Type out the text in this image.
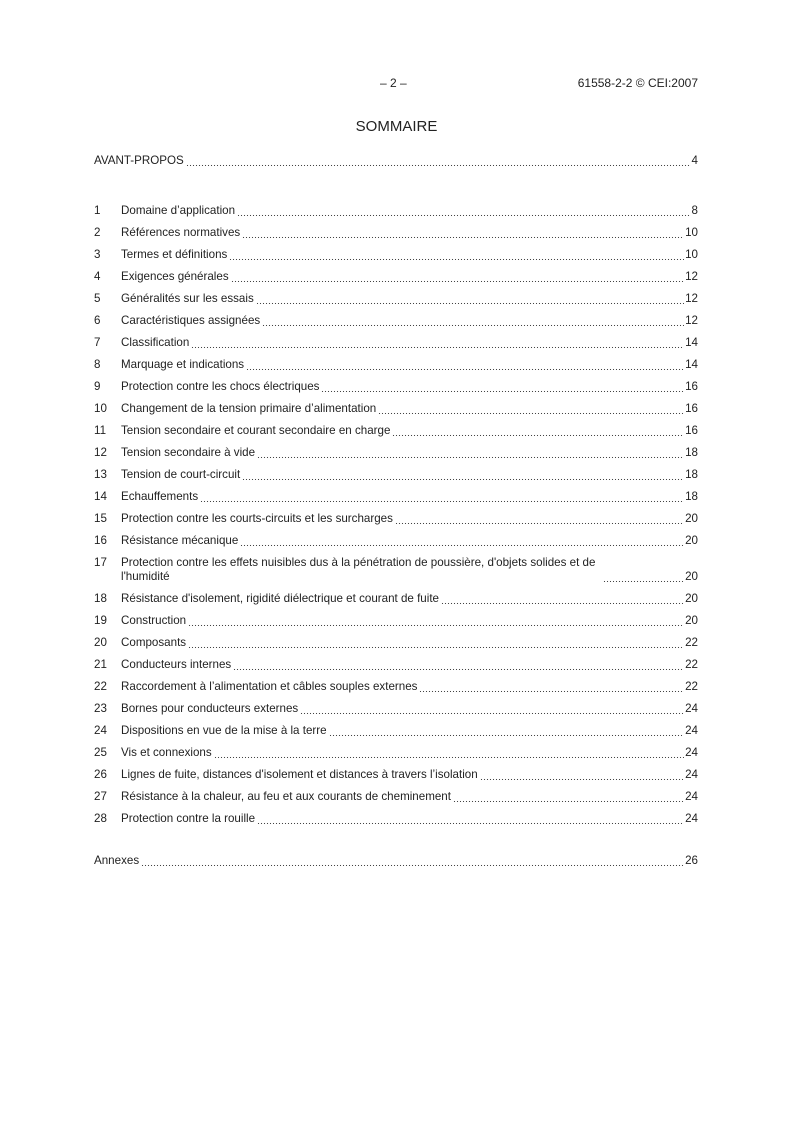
– 2 –	61558-2-2 © CEI:2007
SOMMAIRE
AVANT-PROPOS	4
1	Domaine d’application	8
2	Références normatives	10
3	Termes et définitions	10
4	Exigences générales	12
5	Généralités sur les essais	12
6	Caractéristiques assignées	12
7	Classification	14
8	Marquage et indications	14
9	Protection contre les chocs électriques	16
10	Changement de la tension primaire d’alimentation	16
11	Tension secondaire et courant secondaire en charge	16
12	Tension secondaire à vide	18
13	Tension de court-circuit	18
14	Echauffements	18
15	Protection contre les courts-circuits et les surcharges	20
16	Résistance mécanique	20
17	Protection contre les effets nuisibles dus à la pénétration de poussière, d'objets solides et de l'humidité	20
18	Résistance d'isolement, rigidité diélectrique et courant de fuite	20
19	Construction	20
20	Composants	22
21	Conducteurs internes	22
22	Raccordement à l’alimentation et câbles souples externes	22
23	Bornes pour conducteurs externes	24
24	Dispositions en vue de la mise à la terre	24
25	Vis et connexions	24
26	Lignes de fuite, distances d'isolement et distances à travers l’isolation	24
27	Résistance à la chaleur, au feu et aux courants de cheminement	24
28	Protection contre la rouille	24
Annexes	26
